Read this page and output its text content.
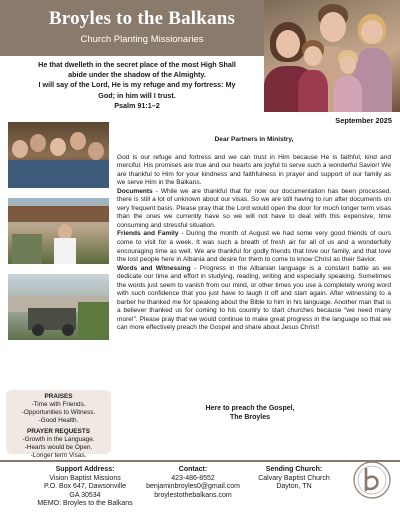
Broyles to the Balkans
Church Planting Missionaries
He that dwelleth in the secret place of the most High Shall
abide under the shadow of the Almighty.
I will say of the Lord, He is my refuge and my fortress: My
God; in him will I trust.
Psalm 91:1–2
September 2025

Dear Partners in Ministry,

God is our refuge and fortress and we can trust in Him because He is faithful, kind and merciful. His promises are true and our hearts are joyful to serve such a wonderful Savior! We are thankful to Him for your kindness and faithfulness in prayer and support of our family as we serve Him in the Balkans.

Documents - While we are thankful that for now our documentation has been processed, there is still a lot of unknown about our visas. So we are still having to run after documents on very frequent basis. Please pray that the Lord would open the door for much longer term visas than the ones we currently have so we will not have to deal with this expensive, time consuming and stressful situation.

Friends and Family - During the month of August we had some very good friends of ours come to visit for a week. It was such a breath of fresh air for all of us and a wonderfully encouraging time as well. We are thankful for godly friends that love our family, and that love the lost people here in Albania and desire for them to come to know Christ as their Savior.

Words and Witnessing - Progress in the Albanian language is a constant battle as we dedicate our time and effort in studying, reading, writing and especially speaking. Sometimes the words just seem to vanish from our mind, or other times you use a completely wrong word with such confidence that you just have to laugh it off and start again. After witnessing to a barber he thanked me for speaking about the Bible to him in his language. Another man that is a believer thanked us for coming to his country to start churches because “we need many more!”. Please pray that we would continue to make great progress in the language so that we can more effectively preach the Gospel and share about Jesus Christ!

Here to preach the Gospel,
The Broyles
PRAISES
-Time with Friends.
-Opportunities to Witness.
-Good Health.
PRAYER REQUESTS
-Growth in the Language.
-Hearts would be Open.
-Longer term Visas.
Support Address:
Vision Baptist Missions
P.O. Box 647, Dawsonville
GA 30534
MEMO: Broyles to the Balkans
Contact:
423-486-8552
benjaminbroyles0@gmail.com
broylestothebalkans.com
Sending Church:
Calvary Baptist Church
Dayton, TN
